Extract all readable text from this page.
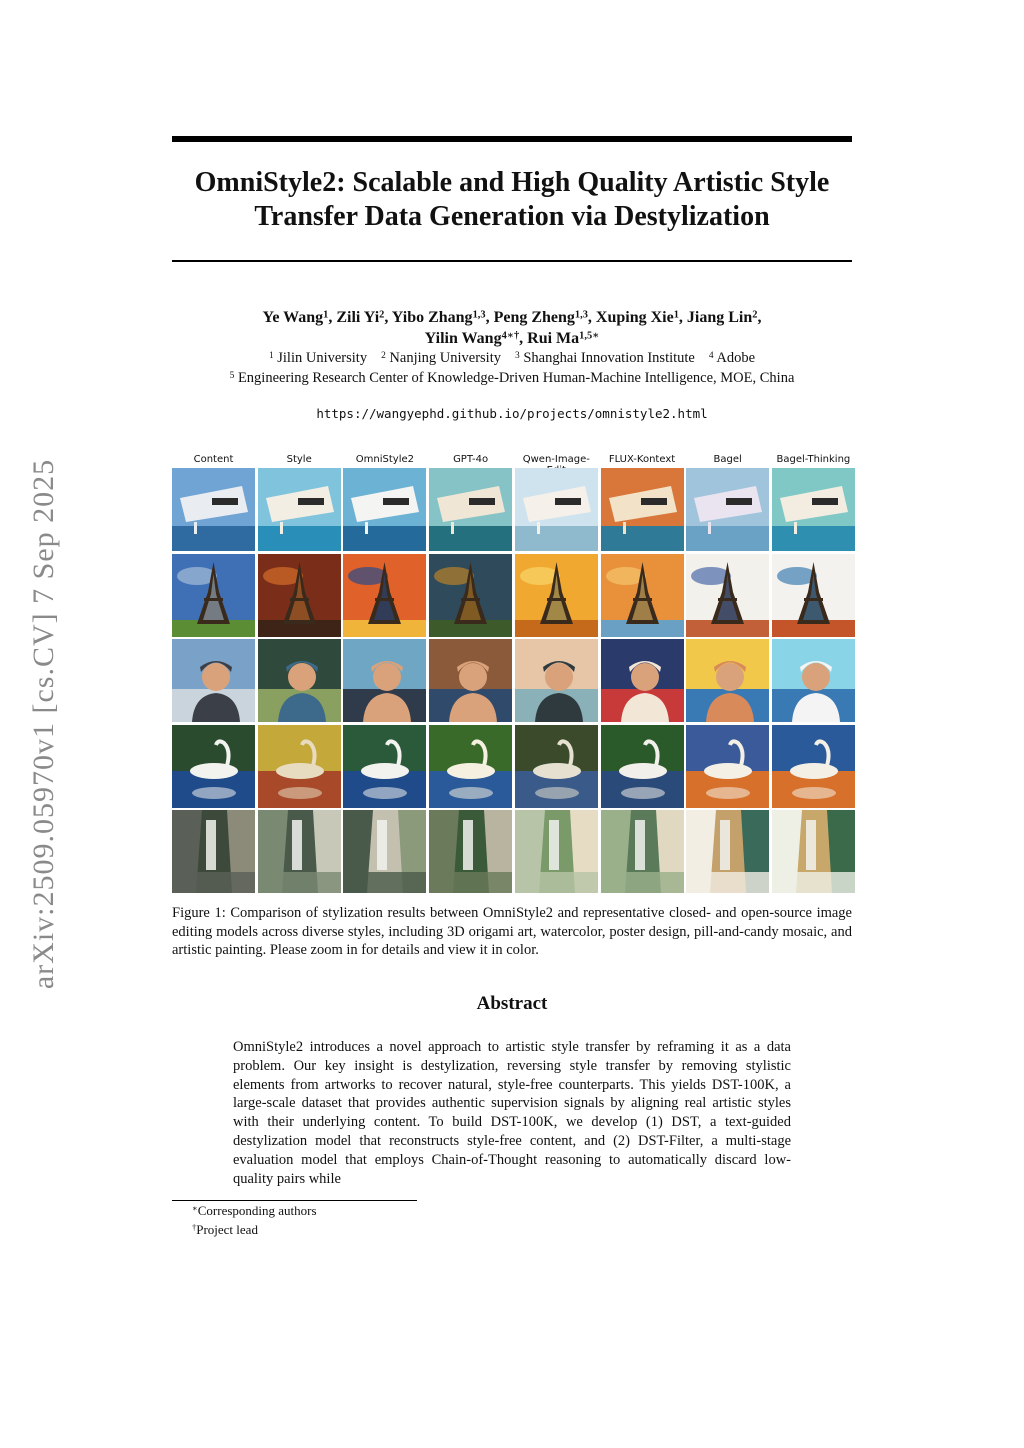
arXiv:2509.05970v1 [cs.CV] 7 Sep 2025
OmniStyle2: Scalable and High Quality Artistic Style Transfer Data Generation via Destylization
Ye Wang$^1$, Zili Yi$^2$, Yibo Zhang$^{1,3}$, Peng Zheng$^{1,3}$, Xuping Xie$^1$, Jiang Lin$^2$,
Yilin Wang$^{4∗\dagger}$, Rui $Ma^{1,5∗}$
$^1$ Jilin University $^2$ Nanjing University $^3$ Shanghai Innovation Institute $^4$ Adobe
$^5$ Engineering Research Center of Knowledge-Driven Human-Machine Intelligence, MOE, China
https://wangyephd.github.io/projects/omnistyle2.html
Content	Style	OmniStyle2	GPT-4o	Qwen-Image-	FLUX-Kontext	Bagel	Bagel-Thinking
Figure 1: Comparison of stylization results between OmniStyle2 and representative closed- and open-source image editing models across diverse styles, including 3D origami art, watercolor, poster design, pill-and-candy mosaic, and artistic painting. Please zoom in for details and view it in color.
Abstract
OmniStyle2 introduces a novel approach to artistic style transfer by reframing it as a data problem. Our key insight is destylization, reversing style transfer by removing stylistic elements from artworks to recover natural, style-free counterparts. This yields DST-100K, a large-scale dataset that provides authentic supervision signals by aligning real artistic styles with their underlying content. To build DST-100K, we develop (1) DST, a text-guided destylization model that reconstructs style-free content, and (2) DST-Filter, a multi-stage evaluation model that employs Chain-of-Thought reasoning to automatically discard low-quality pairs while
∗Corresponding authors
†Project lead
